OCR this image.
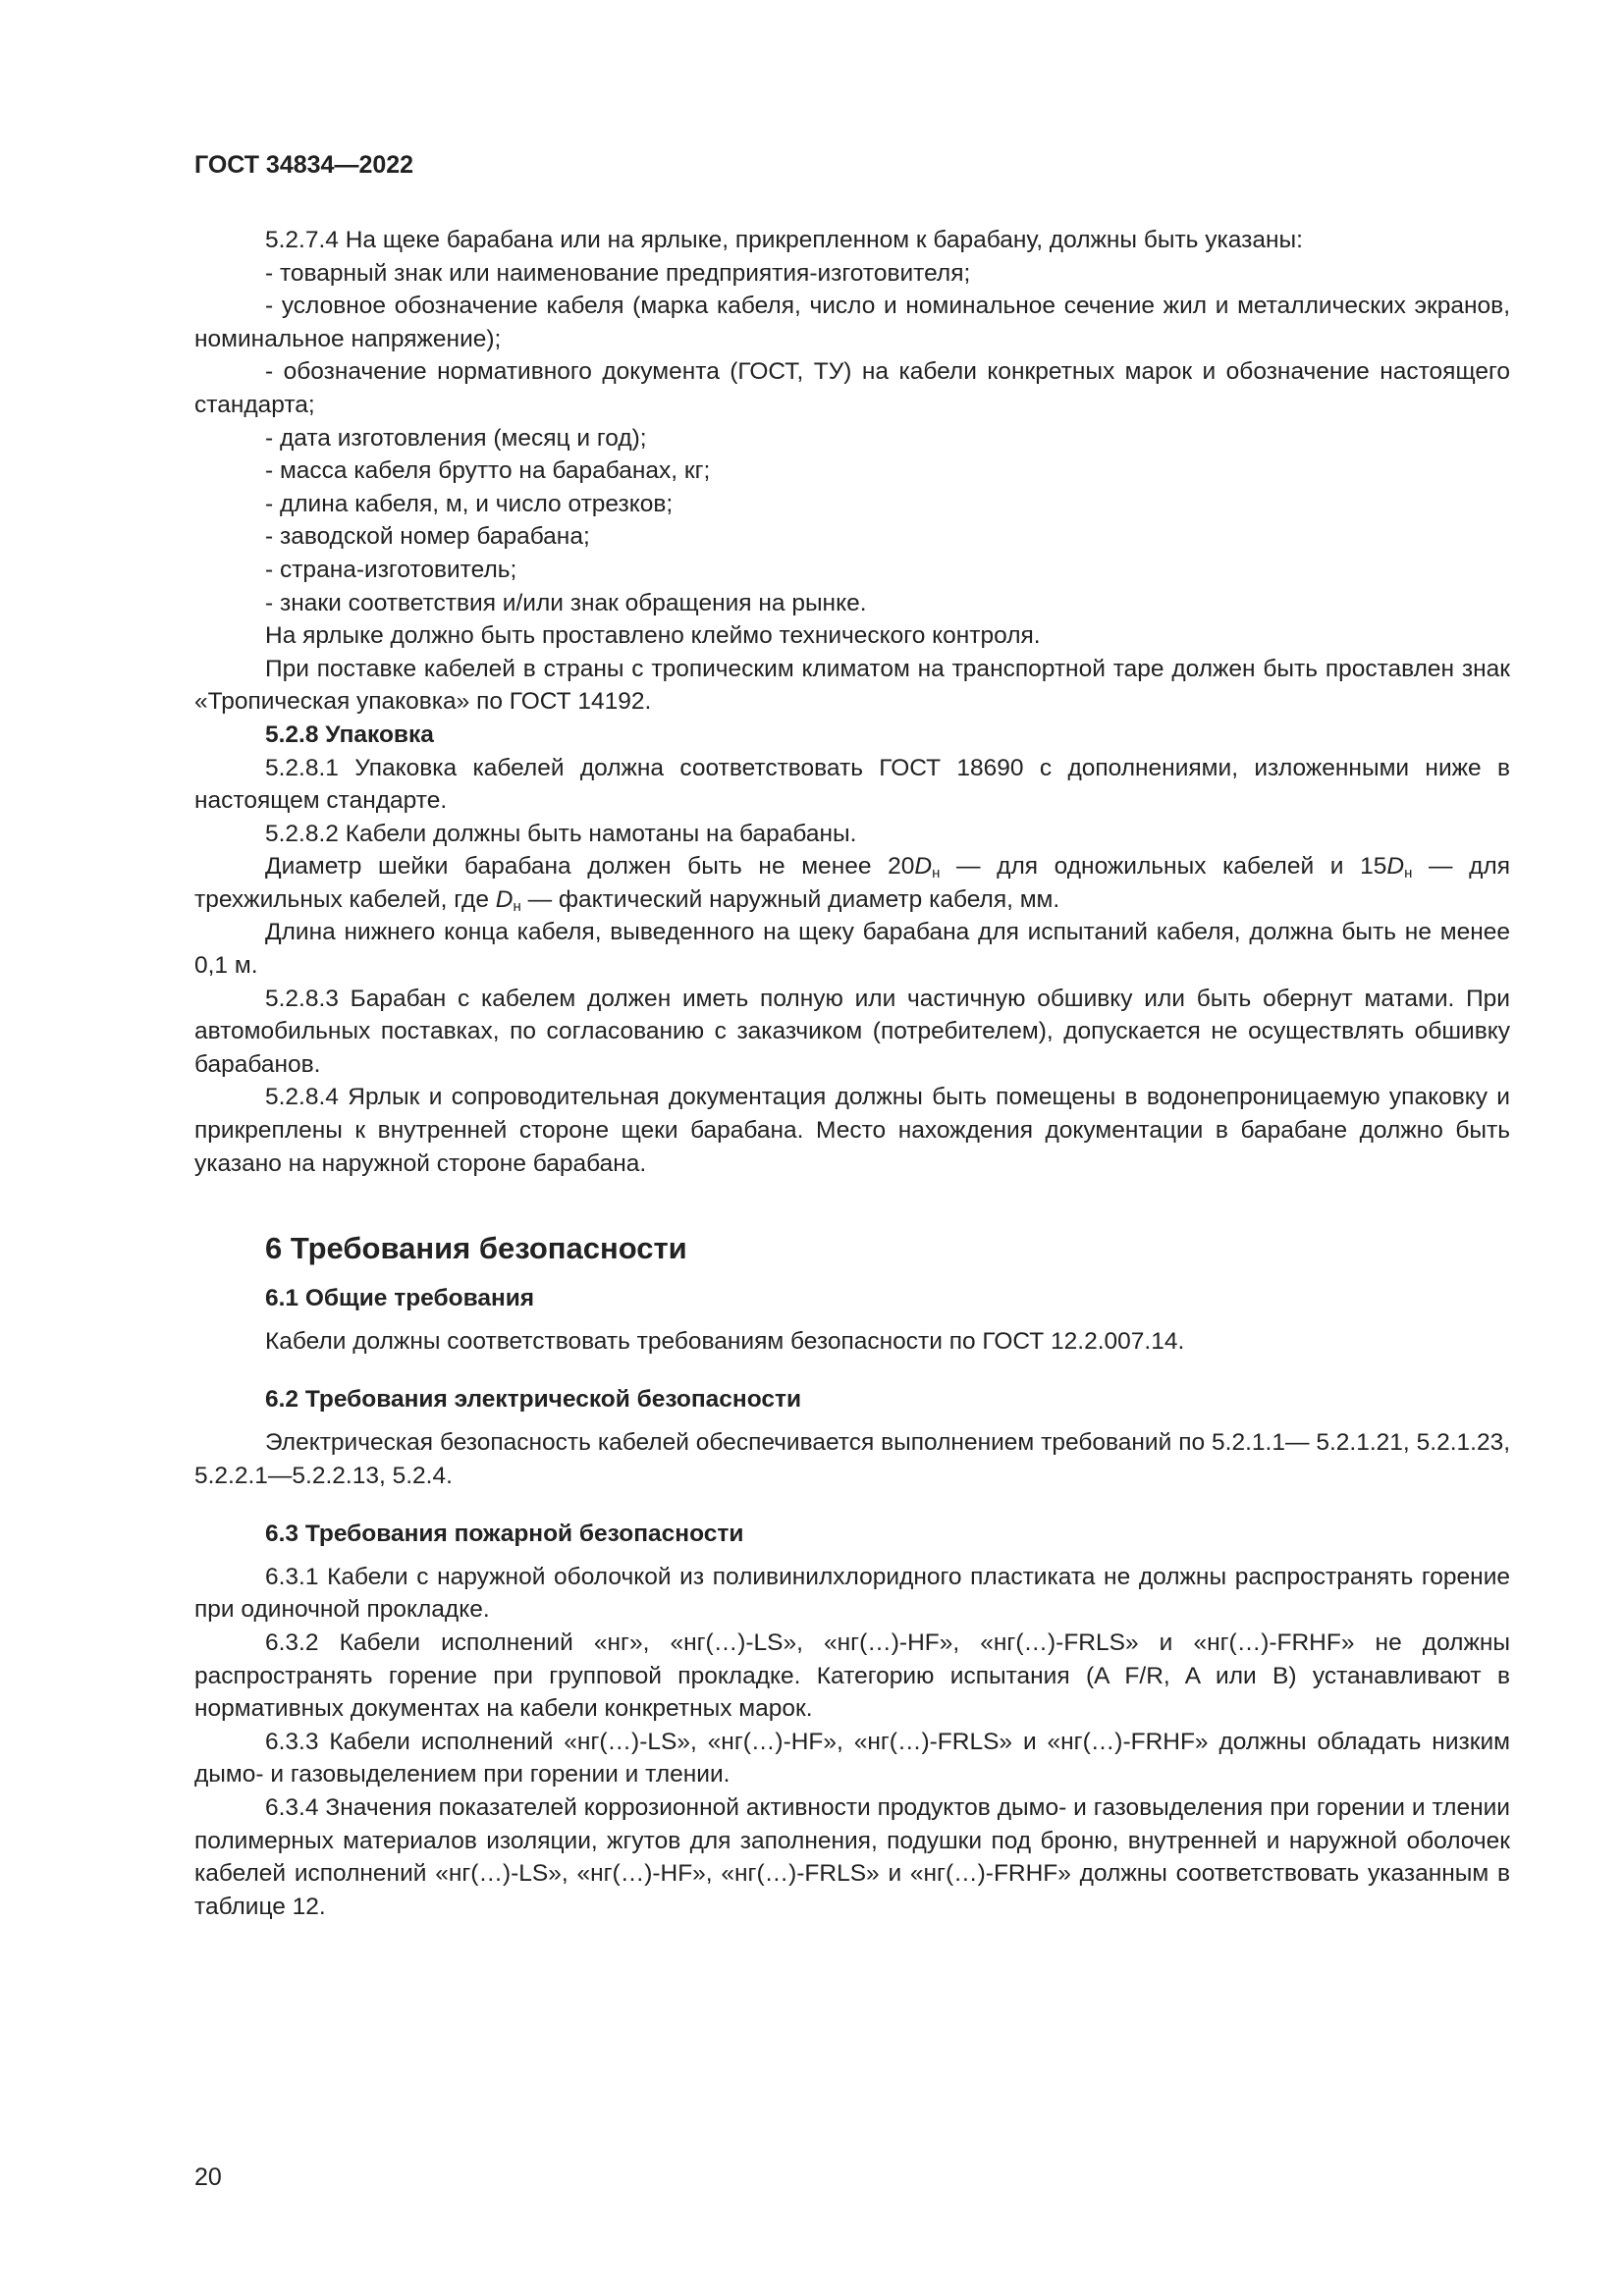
ГОСТ 34834—2022

5.2.7.4 На щеке барабана или на ярлыке, прикрепленном к барабану, должны быть указаны:

- товарный знак или наименование предприятия-изготовителя;

- условное обозначение кабеля (марка кабеля, число и номинальное сечение жил и металлических экранов, номинальное напряжение);

- обозначение нормативного документа (ГОСТ, ТУ) на кабели конкретных марок и обозначение настоящего стандарта;

- дата изготовления (месяц и год);

- масса кабеля брутто на барабанах, кг;

- длина кабеля, м, и число отрезков;

- заводской номер барабана;

- страна-изготовитель;

- знаки соответствия и/или знак обращения на рынке.

На ярлыке должно быть проставлено клеймо технического контроля.

При поставке кабелей в страны с тропическим климатом на транспортной таре должен быть проставлен знак «Тропическая упаковка» по ГОСТ 14192.

5.2.8 Упаковка

5.2.8.1 Упаковка кабелей должна соответствовать ГОСТ 18690 с дополнениями, изложенными ниже в настоящем стандарте.

5.2.8.2 Кабели должны быть намотаны на барабаны.

Диаметр шейки барабана должен быть не менее $20D_н$ — для одножильных кабелей и $15D_н$ — для трехжильных кабелей, где $D_н$ — фактический наружный диаметр кабеля, мм.

Длина нижнего конца кабеля, выведенного на щеку барабана для испытаний кабеля, должна быть не менее 0,1 м.

5.2.8.3 Барабан с кабелем должен иметь полную или частичную обшивку или быть обернут матами. При автомобильных поставках, по согласованию с заказчиком (потребителем), допускается не осуществлять обшивку барабанов.

5.2.8.4 Ярлык и сопроводительная документация должны быть помещены в водонепроницаемую упаковку и прикреплены к внутренней стороне щеки барабана. Место нахождения документации в барабане должно быть указано на наружной стороне барабана.

6 Требования безопасности
6.1 Общие требования

Кабели должны соответствовать требованиям безопасности по ГОСТ 12.2.007.14.

6.2 Требования электрической безопасности

Электрическая безопасность кабелей обеспечивается выполнением требований по 5.2.1.1— 5.2.1.21, 5.2.1.23, 5.2.2.1—5.2.2.13, 5.2.4.

6.3 Требования пожарной безопасности

6.3.1 Кабели с наружной оболочкой из поливинилхлоридного пластиката не должны распространять горение при одиночной прокладке.

6.3.2 Кабели исполнений «нг», «нг(…)-LS», «нг(…)-HF», «нг(…)-FRLS» и «нг(…)-FRHF» не должны распространять горение при групповой прокладке. Категорию испытания (A F/R, A или B) устанавливают в нормативных документах на кабели конкретных марок.

6.3.3 Кабели исполнений «нг(…)-LS», «нг(…)-HF», «нг(…)-FRLS» и «нг(…)-FRHF» должны обладать низким дымо- и газовыделением при горении и тлении.

6.3.4 Значения показателей коррозионной активности продуктов дымо- и газовыделения при горении и тлении полимерных материалов изоляции, жгутов для заполнения, подушки под броню, внутренней и наружной оболочек кабелей исполнений «нг(…)-LS», «нг(…)-HF», «нг(…)-FRLS» и «нг(…)-FRHF» должны соответствовать указанным в таблице 12.

20
